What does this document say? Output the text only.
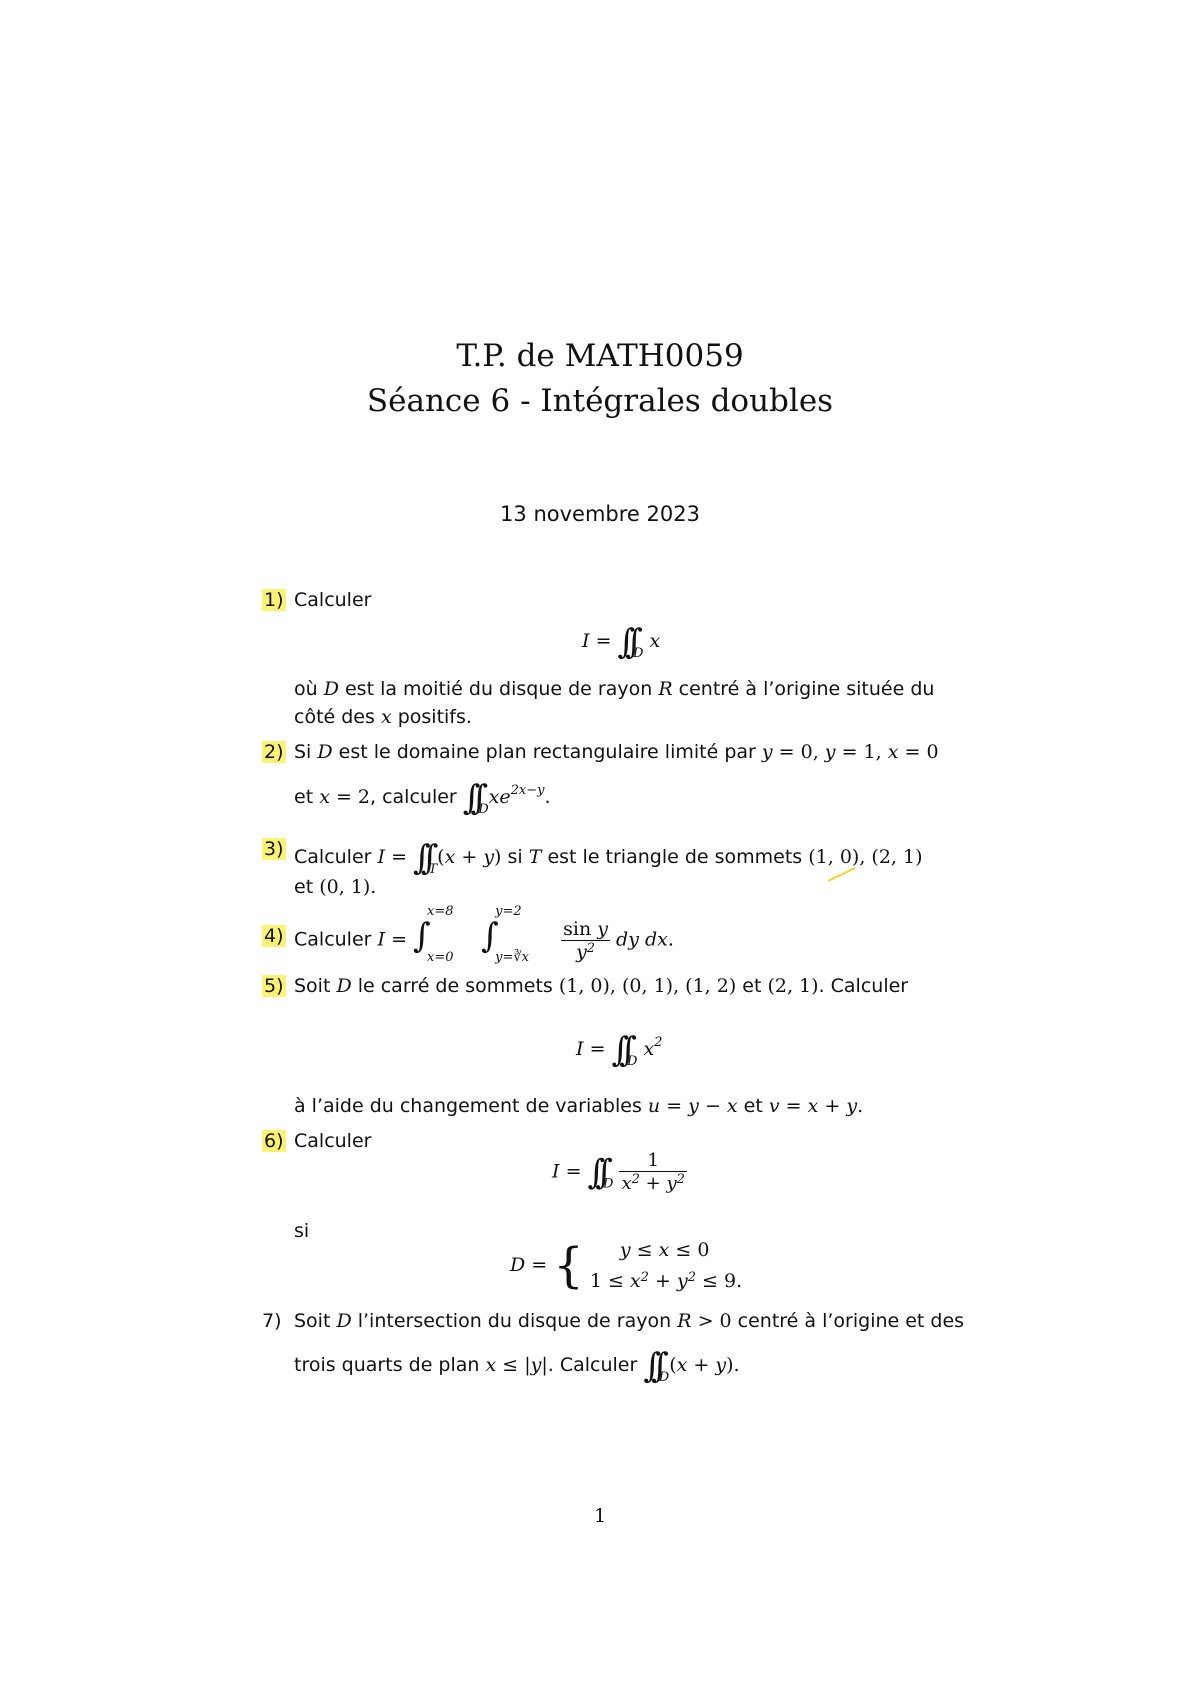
T.P. de MATH0059
Séance 6 - Intégrales doubles
13 novembre 2023
1) Calculer
$I = \int\int_D$ x
où D est la moitié du disque de rayon R centré à l’origine située du
côté des x positifs.
2) Si D est le domaine plan rectangulaire limité par y = 0, y = 1, x = 0
et x = 2, calculer $\int\int_Dxe^{2x-y}$.
3) Calculer $I = \int\int_T(x + y)$ si T est le triangle de sommets (1, 0), (2, 1)
et (0, 1).
4) Calculer I = ∫
x=8
x=0

∫
y=2
y=∛x
$\frac{\text{sin y}}{y^2}$ dy dx.
5) Soit D le carré de sommets (1, 0), (0, 1), (1, 2) et (2, 1). Calculer
$I = \int\int_D$ $x^2$
à l’aide du changement de variables u = y − x et v = x + y.
6) Calculer
$I = \int\int_D \frac{1}{x^2 + y^2}$
si
D = {	y ≤ x ≤ 0
$1 \le x^2 + y^2 \le 9$.
7) Soit D l’intersection du disque de rayon R > 0 centré à l’origine et des
trois quarts de plan x ≤ |y|. Calculer $\int\int_D(x + y)$.
1
